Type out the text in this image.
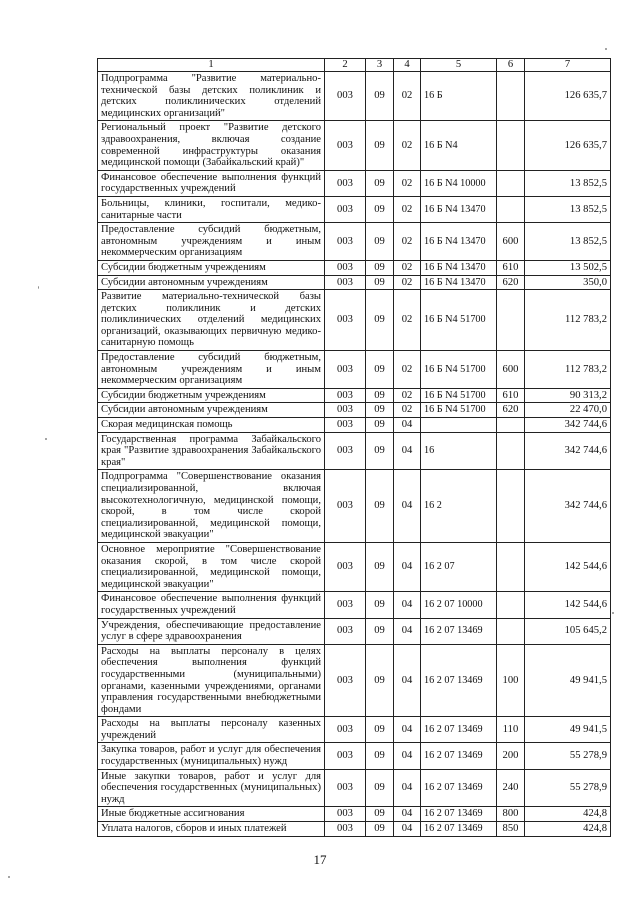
1	2	3	4	5	6	7
Подпрограмма "Развитие материально-технической базы детских поликлиник и детских поликлинических отделений медицинских организаций"	003	09	02	16 Б		126 635,7
Региональный проект "Развитие детского здравоохранения, включая создание современной инфраструктуры оказания медицинской помощи (Забайкальский край)"	003	09	02	16 Б N4		126 635,7
Финансовое обеспечение выполнения функций государственных учреждений	003	09	02	16 Б N4 10000		13 852,5
Больницы, клиники, госпитали, медико-санитарные части	003	09	02	16 Б N4 13470		13 852,5
Предоставление субсидий бюджетным, автономным учреждениям и иным некоммерческим организациям	003	09	02	16 Б N4 13470	600	13 852,5
Субсидии бюджетным учреждениям	003	09	02	16 Б N4 13470	610	13 502,5
Субсидии автономным учреждениям	003	09	02	16 Б N4 13470	620	350,0
Развитие материально-технической базы детских поликлиник и детских поликлинических отделений медицинских организаций, оказывающих первичную медико-санитарную помощь	003	09	02	16 Б N4 51700		112 783,2
Предоставление субсидий бюджетным, автономным учреждениям и иным некоммерческим организациям	003	09	02	16 Б N4 51700	600	112 783,2
Субсидии бюджетным учреждениям	003	09	02	16 Б N4 51700	610	90 313,2
Субсидии автономным учреждениям	003	09	02	16 Б N4 51700	620	22 470,0
Скорая медицинская помощь	003	09	04			342 744,6
Государственная программа Забайкальского края "Развитие здравоохранения Забайкальского края"	003	09	04	16		342 744,6
Подпрограмма "Совершенствование оказания специализированной, включая высокотехнологичную, медицинской помощи, скорой, в том числе скорой специализированной, медицинской помощи, медицинской эвакуации"	003	09	04	16 2		342 744,6
Основное мероприятие "Совершенствование оказания скорой, в том числе скорой специализированной, медицинской помощи, медицинской эвакуации"	003	09	04	16 2 07		142 544,6
Финансовое обеспечение выполнения функций государственных учреждений	003	09	04	16 2 07 10000		142 544,6
Учреждения, обеспечивающие предоставление услуг в сфере здравоохранения	003	09	04	16 2 07 13469		105 645,2
Расходы на выплаты персоналу в целях обеспечения выполнения функций государственными (муниципальными) органами, казенными учреждениями, органами управления государственными внебюджетными фондами	003	09	04	16 2 07 13469	100	49 941,5
Расходы на выплаты персоналу казенных учреждений	003	09	04	16 2 07 13469	110	49 941,5
Закупка товаров, работ и услуг для обеспечения государственных (муниципальных) нужд	003	09	04	16 2 07 13469	200	55 278,9
Иные закупки товаров, работ и услуг для обеспечения государственных (муниципальных) нужд	003	09	04	16 2 07 13469	240	55 278,9
Иные бюджетные ассигнования	003	09	04	16 2 07 13469	800	424,8
Уплата налогов, сборов и иных платежей	003	09	04	16 2 07 13469	850	424,8
17
